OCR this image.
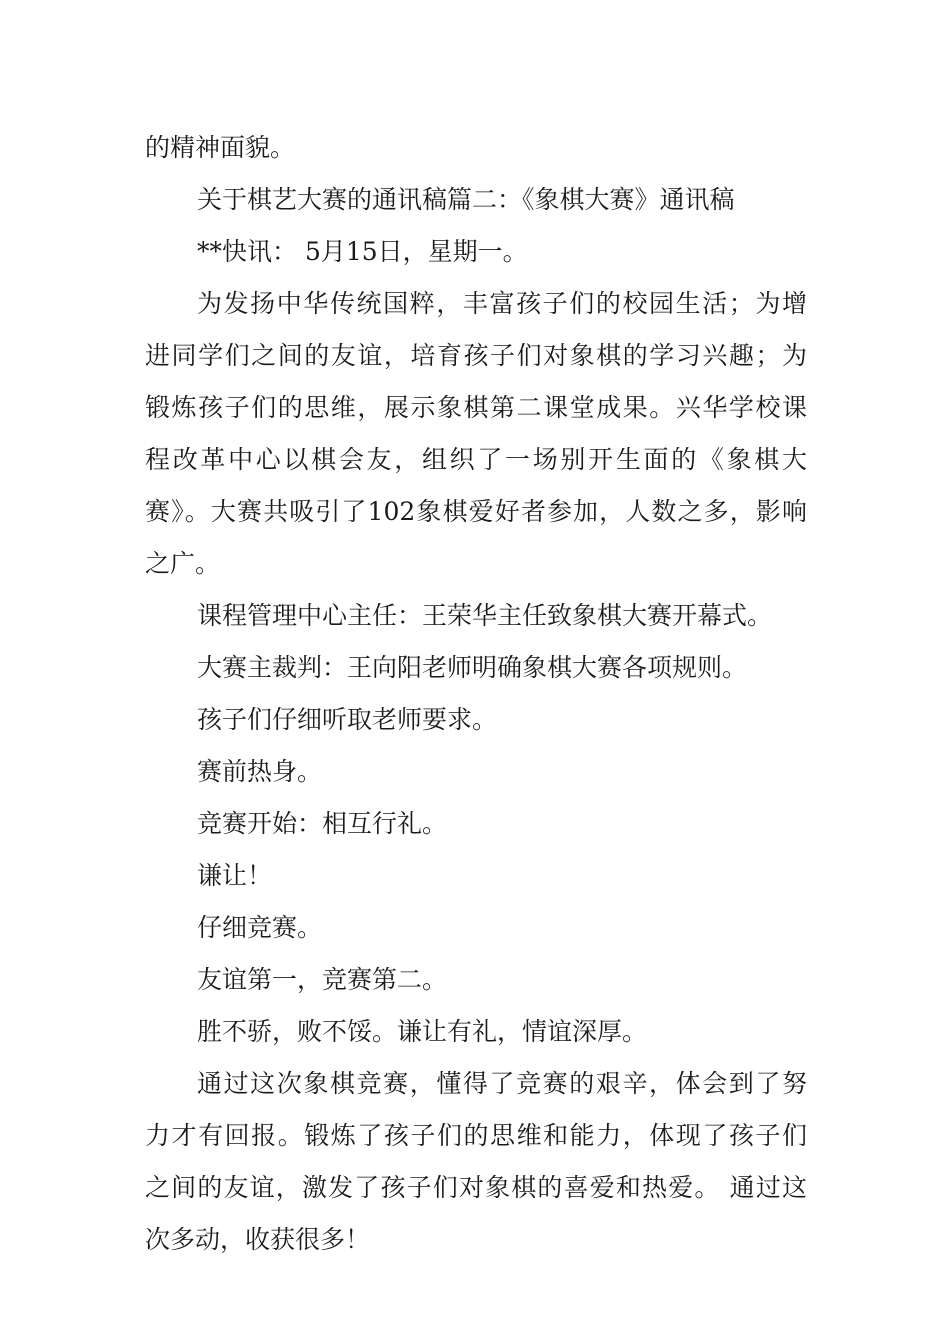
的精神面貌。
关于棋艺大赛的通讯稿篇二：《象棋大赛》通讯稿
**快讯： 5月15日，星期一。
为发扬中华传统国粹，丰富孩子们的校园生活；为增
进同学们之间的友谊，培育孩子们对象棋的学习兴趣；为
锻炼孩子们的思维，展示象棋第二课堂成果。兴华学校课
程改革中心以棋会友，组织了一场别开生面的《象棋大
赛》。大赛共吸引了102象棋爱好者参加，人数之多，影响
之广。
课程管理中心主任：王荣华主任致象棋大赛开幕式。
大赛主裁判：王向阳老师明确象棋大赛各项规则。
孩子们仔细听取老师要求。
赛前热身。
竞赛开始：相互行礼。
谦让！
仔细竞赛。
友谊第一，竞赛第二。
胜不骄，败不馁。谦让有礼，情谊深厚。
通过这次象棋竞赛，懂得了竞赛的艰辛，体会到了努
力才有回报。锻炼了孩子们的思维和能力，体现了孩子们
之间的友谊，激发了孩子们对象棋的喜爱和热爱。 通过这
次多动，收获很多！
